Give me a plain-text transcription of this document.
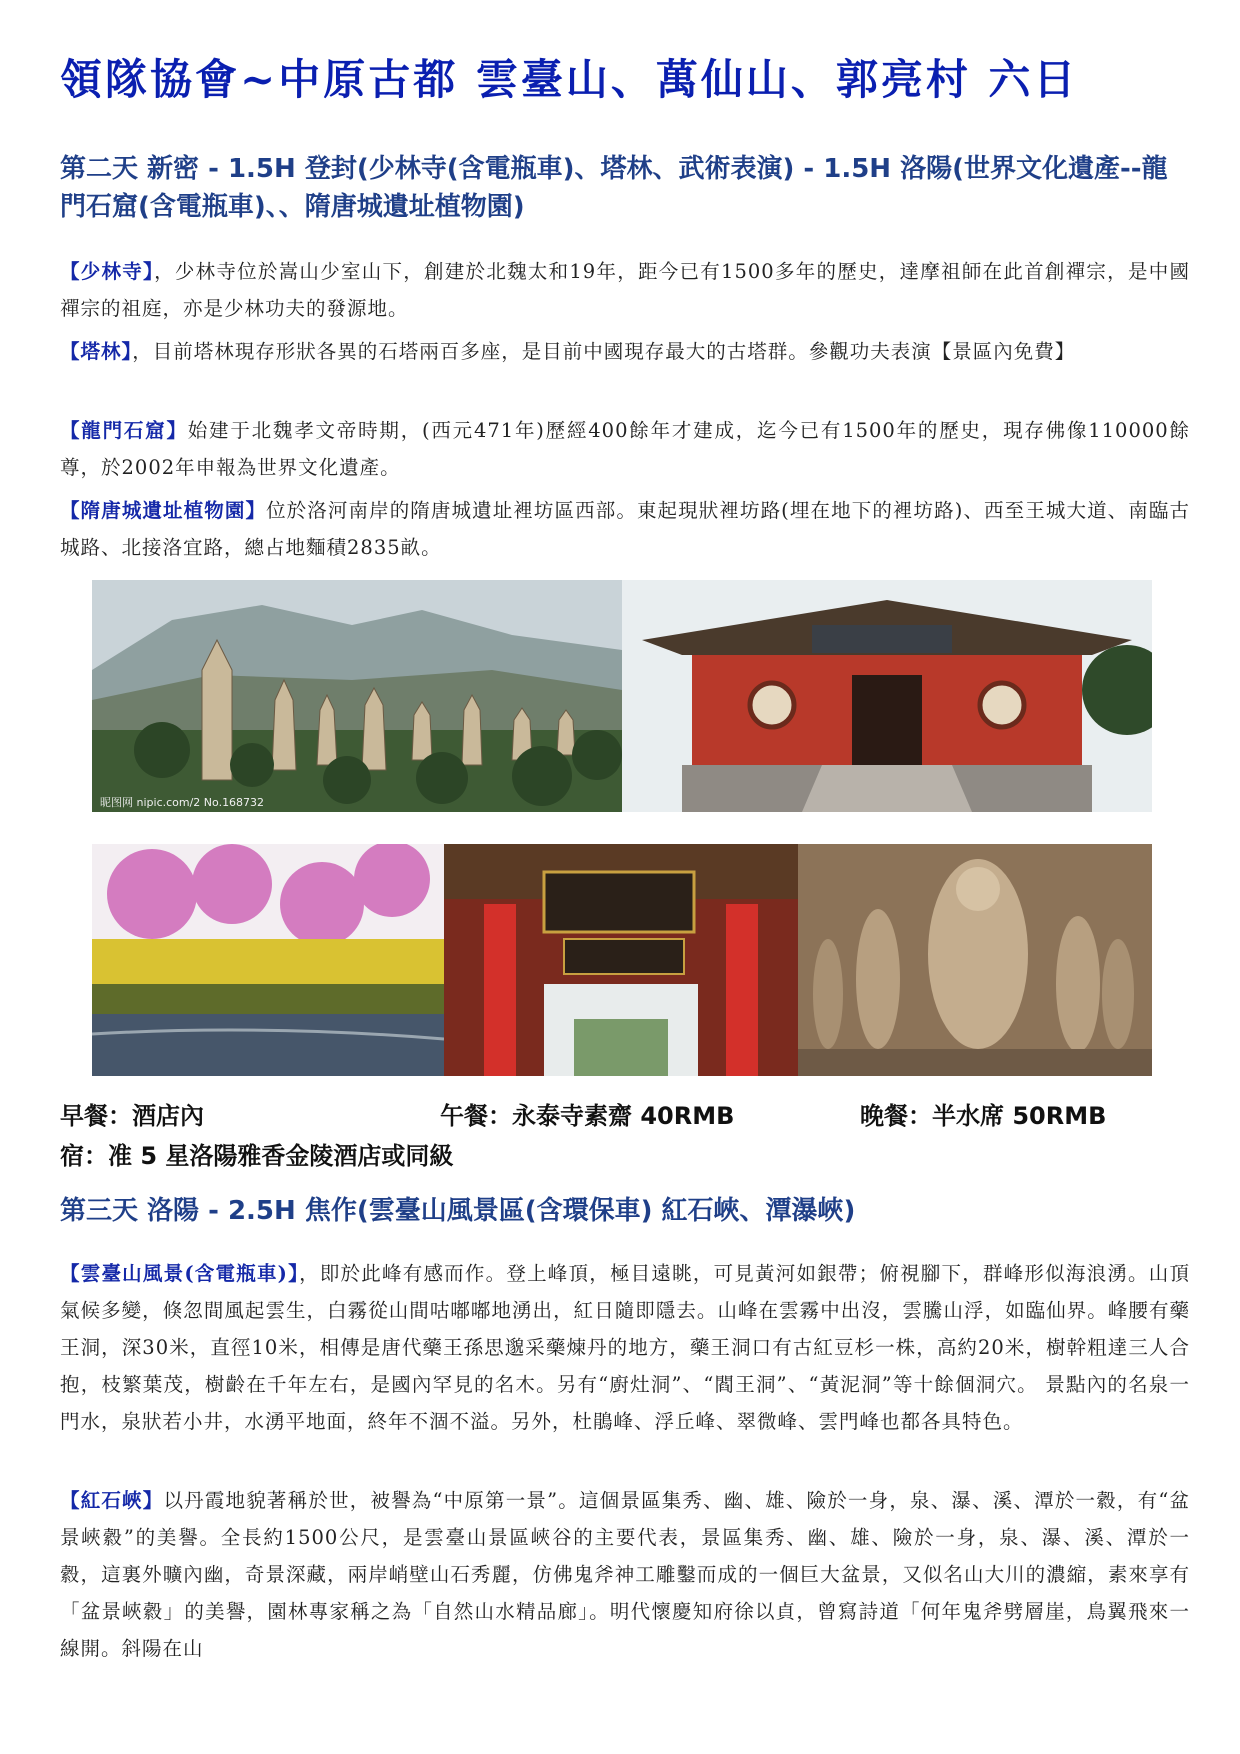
領隊協會~中原古都 雲臺山、萬仙山、郭亮村 六日
第二天 新密 - 1.5H 登封(少林寺(含電瓶車)、塔林、武術表演) - 1.5H 洛陽(世界文化遺產--龍門石窟(含電瓶車)、、隋唐城遺址植物園)
【少林寺】，少林寺位於嵩山少室山下，創建於北魏太和19年，距今已有1500多年的歷史，達摩祖師在此首創禪宗，是中國禪宗的祖庭，亦是少林功夫的發源地。
【塔林】，目前塔林現存形狀各異的石塔兩百多座，是目前中國現存最大的古塔群。參觀功夫表演【景區內免費】
【龍門石窟】始建于北魏孝文帝時期，(西元471年)歷經400餘年才建成，迄今已有1500年的歷史，現存佛像110000餘尊，於2002年申報為世界文化遺產。
【隋唐城遺址植物園】位於洛河南岸的隋唐城遺址裡坊區西部。東起現狀裡坊路(埋在地下的裡坊路)、西至王城大道、南臨古城路、北接洛宜路，總占地麵積2835畝。
昵图网 nipic.com/2 No.168732
早餐：酒店內	午餐：永泰寺素齋 40RMB	晚餐：半水席 50RMB
宿：准 5 星洛陽雅香金陵酒店或同級
第三天 洛陽 - 2.5H 焦作(雲臺山風景區(含環保車) 紅石峽、潭瀑峽)
【雲臺山風景(含電瓶車)】，即於此峰有感而作。登上峰頂，極目遠眺，可見黃河如銀帶；俯視腳下，群峰形似海浪湧。山頂氣候多變，倏忽間風起雲生，白霧從山間咕嘟嘟地湧出，紅日隨即隱去。山峰在雲霧中出沒，雲騰山浮，如臨仙界。峰腰有藥王洞，深30米，直徑10米，相傳是唐代藥王孫思邈采藥煉丹的地方，藥王洞口有古紅豆杉一株，高約20米，樹幹粗達三人合抱，枝繁葉茂，樹齡在千年左右，是國內罕見的名木。另有“廚灶洞”、“閻王洞”、“黃泥洞”等十餘個洞穴。 景點內的名泉一門水，泉狀若小井，水湧平地面，終年不涸不溢。另外，杜鵑峰、浮丘峰、翠微峰、雲門峰也都各具特色。
【紅石峽】以丹霞地貌著稱於世，被譽為“中原第一景”。這個景區集秀、幽、雄、險於一身，泉、瀑、溪、潭於一縠，有“盆景峽縠”的美譽。全長約1500公尺，是雲臺山景區峽谷的主要代表，景區集秀、幽、雄、險於一身，泉、瀑、溪、潭於一縠，這裏外曠內幽，奇景深藏，兩岸峭壁山石秀麗，仿佛鬼斧神工雕鑿而成的一個巨大盆景，又似名山大川的濃縮，素來享有「盆景峽縠」的美譽，園林專家稱之為「自然山水精品廊」。明代懷慶知府徐以貞，曾寫詩道「何年鬼斧劈層崖，鳥翼飛來一線開。斜陽在山
